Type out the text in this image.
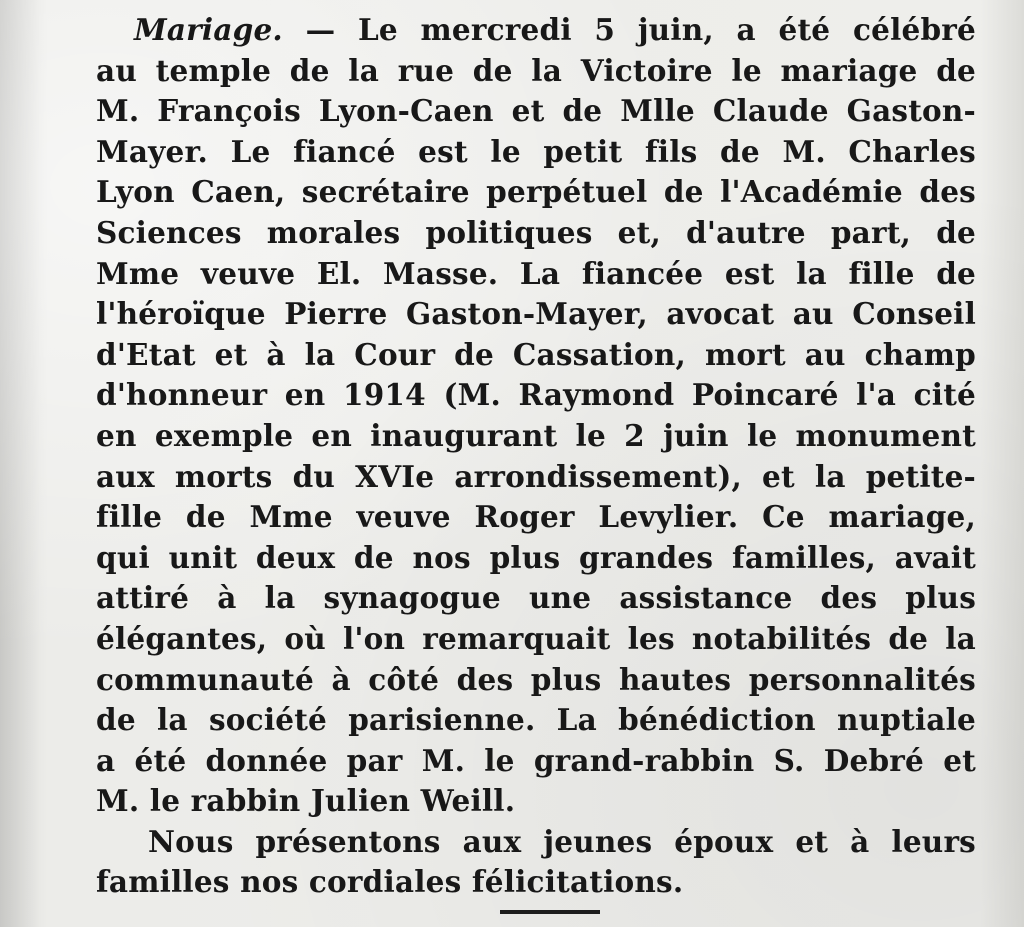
Mariage. — Le mercredi 5 juin, a été célébré
au temple de la rue de la Victoire le mariage de
M. François Lyon-Caen et de Mlle Claude Gaston-
Mayer. Le fiancé est le petit fils de M. Charles
Lyon Caen, secrétaire perpétuel de l'Académie des
Sciences morales politiques et, d'autre part, de
Mme veuve El. Masse. La fiancée est la fille de
l'héroïque Pierre Gaston-Mayer, avocat au Conseil
d'Etat et à la Cour de Cassation, mort au champ
d'honneur en 1914 (M. Raymond Poincaré l'a cité
en exemple en inaugurant le 2 juin le monument
aux morts du XVIe arrondissement), et la petite-
fille de Mme veuve Roger Levylier. Ce mariage,
qui unit deux de nos plus grandes familles, avait
attiré à la synagogue une assistance des plus
élégantes, où l'on remarquait les notabilités de la
communauté à côté des plus hautes personnalités
de la société parisienne. La bénédiction nuptiale
a été donnée par M. le grand-rabbin S. Debré et
M. le rabbin Julien Weill.
Nous présentons aux jeunes époux et à leurs
familles nos cordiales félicitations.
